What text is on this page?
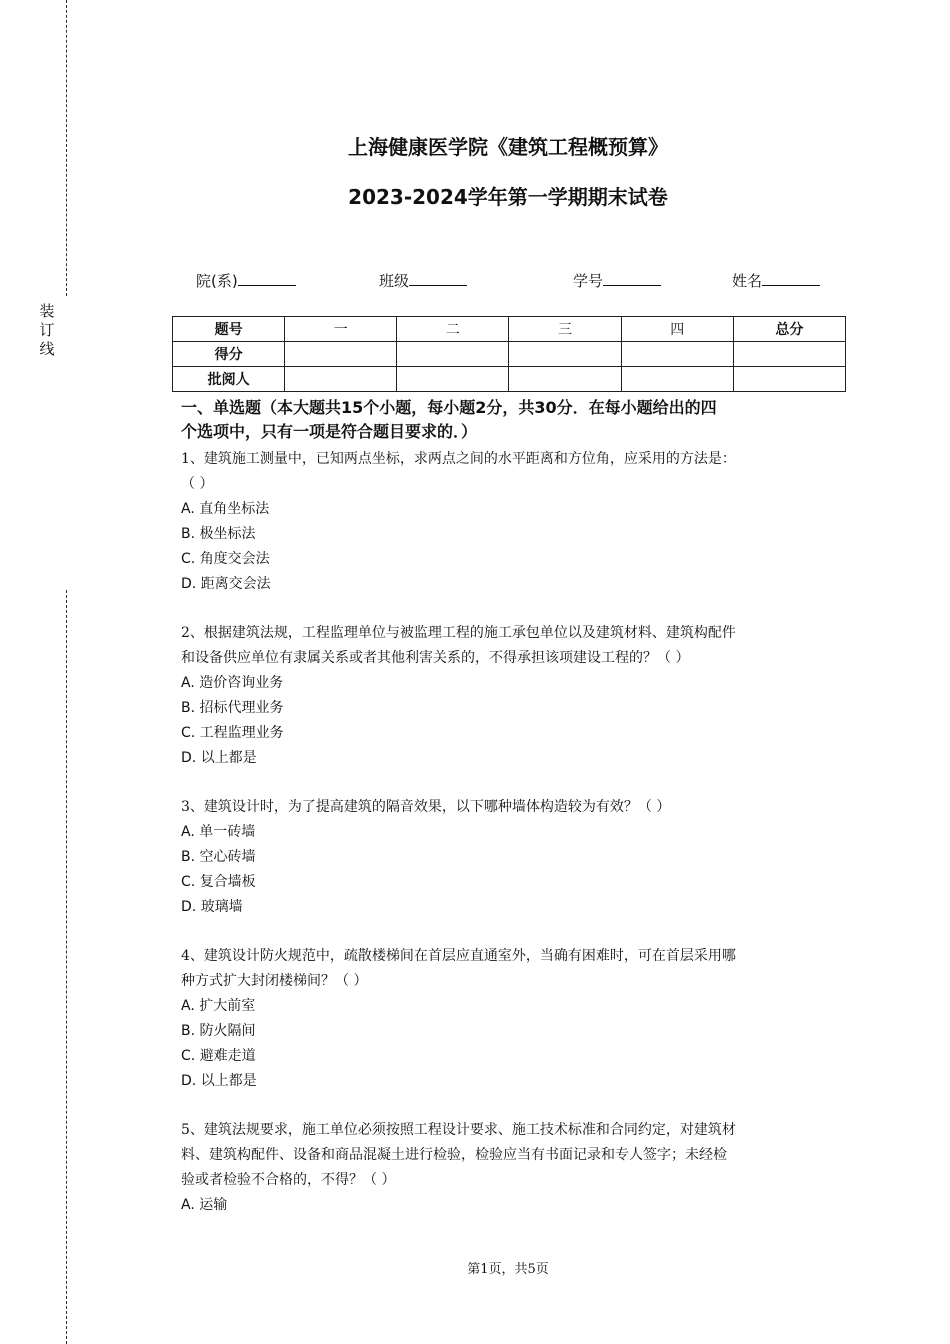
装
订
线
上海健康医学院《建筑工程概预算》
2023-2024学年第一学期期末试卷
院(系)	班级	学号	姓名
题号	一	二	三	四	总分
得分					
批阅人					
一、单选题（本大题共15个小题，每小题2分，共30分．在每小题给出的四
个选项中，只有一项是符合题目要求的．）

1、建筑施工测量中，已知两点坐标，求两点之间的水平距离和方位角，应采用的方法是：

（ ）

A. 直角坐标法

B. 极坐标法

C. 角度交会法

D. 距离交会法

2、根据建筑法规，工程监理单位与被监理工程的施工承包单位以及建筑材料、建筑构配件

和设备供应单位有隶属关系或者其他利害关系的，不得承担该项建设工程的？（ ）

A. 造价咨询业务

B. 招标代理业务

C. 工程监理业务

D. 以上都是

3、建筑设计时，为了提高建筑的隔音效果，以下哪种墙体构造较为有效？（ ）

A. 单一砖墙

B. 空心砖墙

C. 复合墙板

D. 玻璃墙

4、建筑设计防火规范中，疏散楼梯间在首层应直通室外，当确有困难时，可在首层采用哪

种方式扩大封闭楼梯间？（ ）

A. 扩大前室

B. 防火隔间

C. 避难走道

D. 以上都是

5、建筑法规要求，施工单位必须按照工程设计要求、施工技术标准和合同约定，对建筑材

料、建筑构配件、设备和商品混凝土进行检验，检验应当有书面记录和专人签字；未经检

验或者检验不合格的，不得？（ ）

A. 运输

第1页，共5页
